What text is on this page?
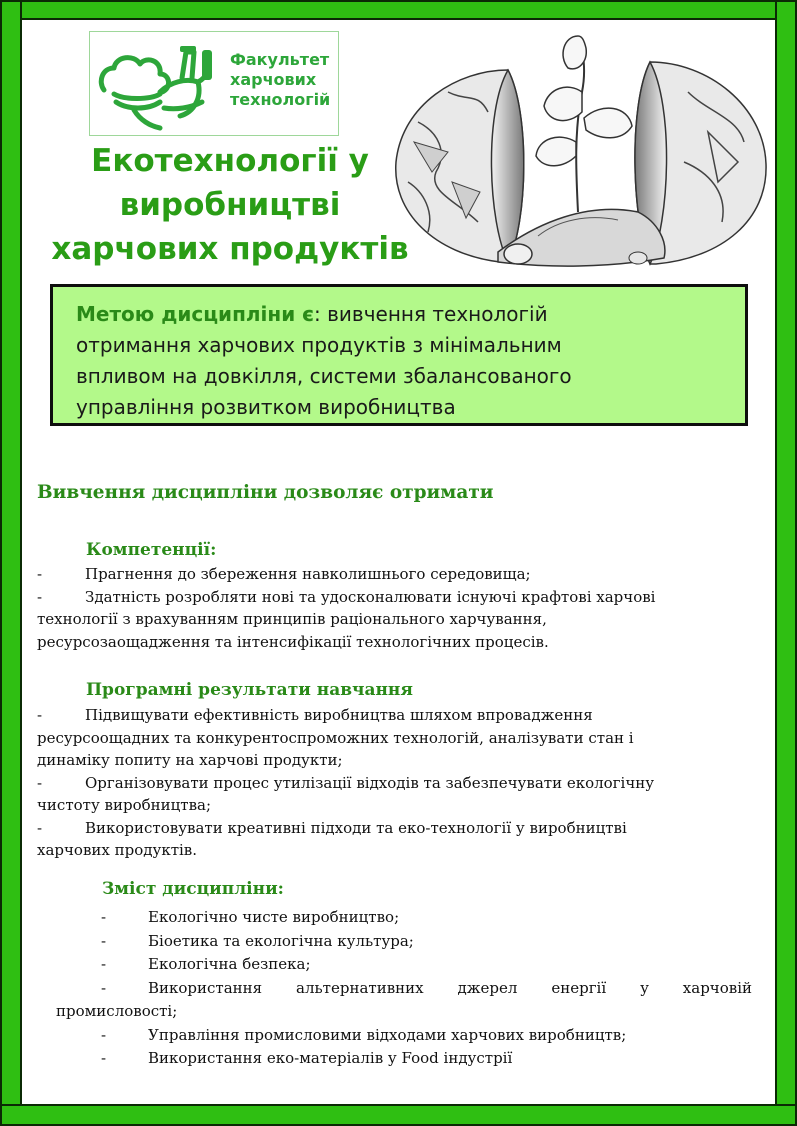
Факультет
харчових
технологій
Екотехнології у
виробництві
харчових продуктів
Метою дисципліни є: вивчення технологій
отримання харчових продуктів з мінімальним
впливом на довкілля, системи збалансованого
управління розвитком виробництва
Вивчення дисципліни дозволяє отримати
Компетенції:
-	Прагнення до збереження навколишнього середовища;
-	Здатність розробляти нові та удосконалювати існуючі крафтові харчові
технології з врахуванням принципів раціонального харчування,
ресурсозаощадження та інтенсифікації технологічних процесів.
Програмні результати навчання
-	Підвищувати ефективність виробництва шляхом впровадження
ресурсоощадних та конкурентоспроможних технологій, аналізувати стан і
динаміку попиту на харчові продукти;
-	Організовувати процес утилізації відходів та забезпечувати екологічну
чистоту виробництва;
-	Використовувати креативні підходи та еко-технології у виробництві
харчових продуктів.
Зміст дисципліни:
-	Екологічно чисте виробництво;
-	Біоетика та екологічна культура;
-	Екологічна безпека;
-	Використання альтернативних джерел енергії у харчовій
промисловості;
-	Управління промисловими відходами харчових виробництв;
-	Використання еко-матеріалів у Food індустрії
